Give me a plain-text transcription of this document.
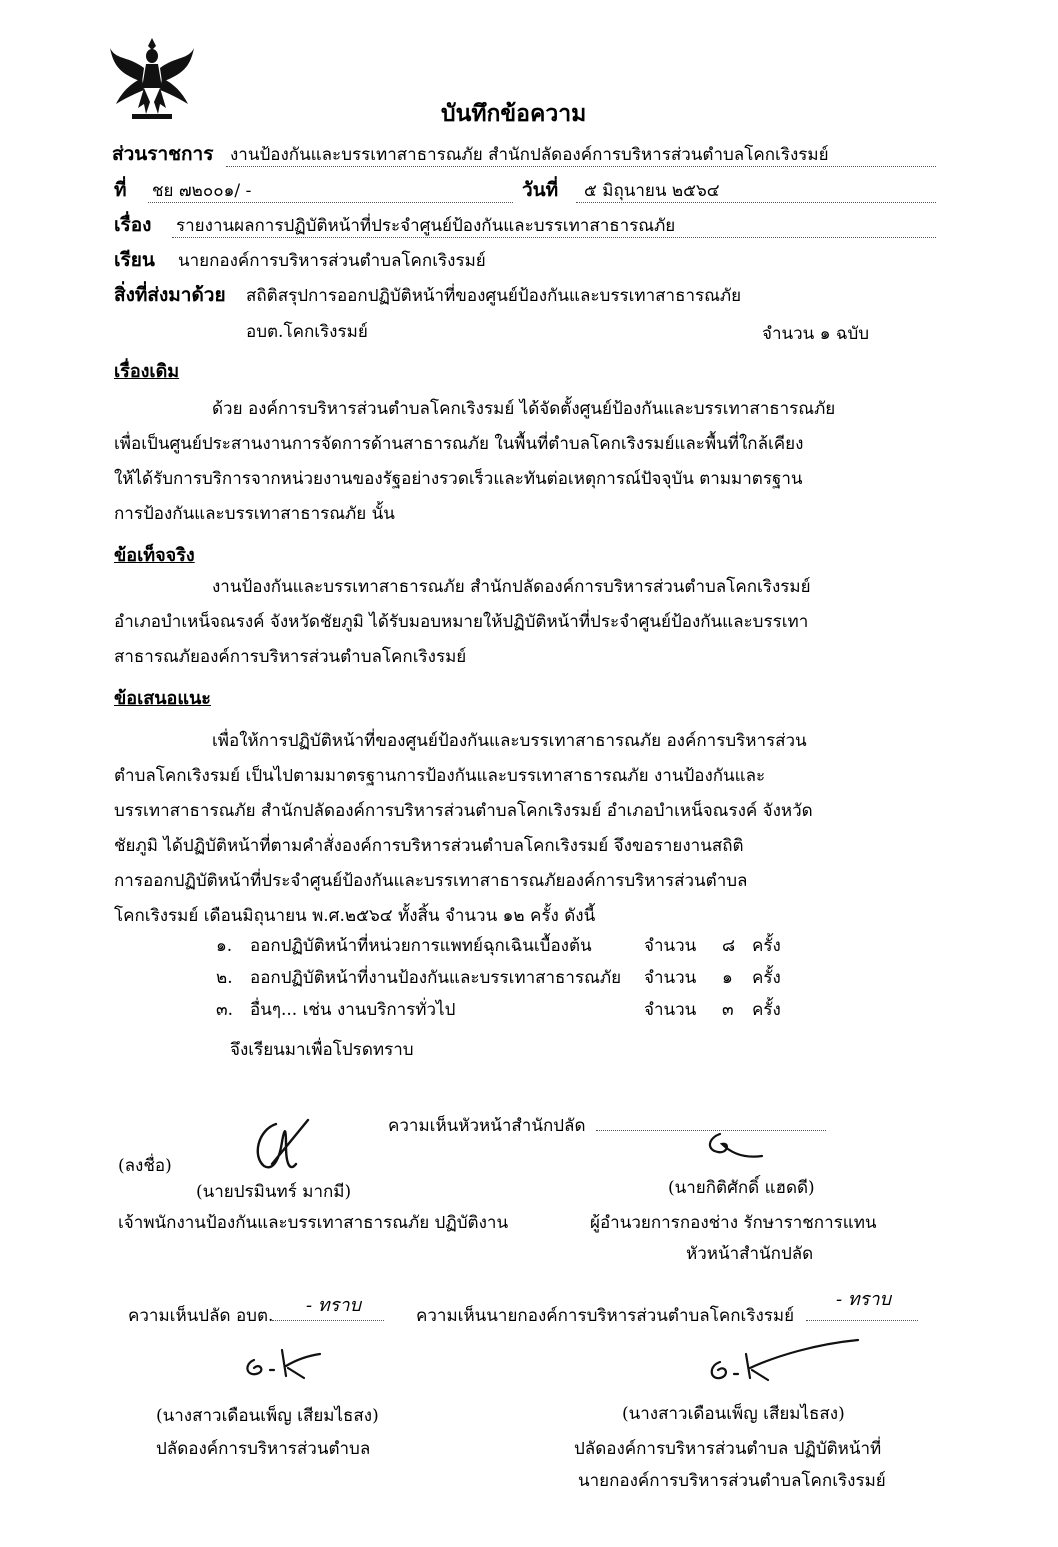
บันทึกข้อความ
ส่วนราชการ งานป้องกันและบรรเทาสาธารณภัย สำนักปลัดองค์การบริหารส่วนตำบลโคกเริงรมย์
ที่ ชย ๗๒๐๐๑/ -	วันที่ ๕ มิถุนายน ๒๕๖๔
เรื่อง รายงานผลการปฏิบัติหน้าที่ประจำศูนย์ป้องกันและบรรเทาสาธารณภัย
เรียน นายกองค์การบริหารส่วนตำบลโคกเริงรมย์
สิ่งที่ส่งมาด้วย สถิติสรุปการออกปฏิบัติหน้าที่ของศูนย์ป้องกันและบรรเทาสาธารณภัย
อบต.โคกเริงรมย์	จำนวน ๑ ฉบับ
เรื่องเดิม
ด้วย องค์การบริหารส่วนตำบลโคกเริงรมย์ ได้จัดตั้งศูนย์ป้องกันและบรรเทาสาธารณภัย
เพื่อเป็นศูนย์ประสานงานการจัดการด้านสาธารณภัย ในพื้นที่ตำบลโคกเริงรมย์และพื้นที่ใกล้เคียง
ให้ได้รับการบริการจากหน่วยงานของรัฐอย่างรวดเร็วและทันต่อเหตุการณ์ปัจจุบัน ตามมาตรฐาน
การป้องกันและบรรเทาสาธารณภัย นั้น
ข้อเท็จจริง
งานป้องกันและบรรเทาสาธารณภัย สำนักปลัดองค์การบริหารส่วนตำบลโคกเริงรมย์
อำเภอบำเหน็จณรงค์ จังหวัดชัยภูมิ ได้รับมอบหมายให้ปฏิบัติหน้าที่ประจำศูนย์ป้องกันและบรรเทา
สาธารณภัยองค์การบริหารส่วนตำบลโคกเริงรมย์
ข้อเสนอแนะ
เพื่อให้การปฏิบัติหน้าที่ของศูนย์ป้องกันและบรรเทาสาธารณภัย องค์การบริหารส่วน
ตำบลโคกเริงรมย์ เป็นไปตามมาตรฐานการป้องกันและบรรเทาสาธารณภัย งานป้องกันและ
บรรเทาสาธารณภัย สำนักปลัดองค์การบริหารส่วนตำบลโคกเริงรมย์ อำเภอบำเหน็จณรงค์ จังหวัด
ชัยภูมิ ได้ปฏิบัติหน้าที่ตามคำสั่งองค์การบริหารส่วนตำบลโคกเริงรมย์ จึงขอรายงานสถิติ
การออกปฏิบัติหน้าที่ประจำศูนย์ป้องกันและบรรเทาสาธารณภัยองค์การบริหารส่วนตำบล
โคกเริงรมย์ เดือนมิถุนายน พ.ศ.๒๕๖๔ ทั้งสิ้น จำนวน ๑๒ ครั้ง ดังนี้
๑. ออกปฏิบัติหน้าที่หน่วยการแพทย์ฉุกเฉินเบื้องต้น	จำนวน ๘ ครั้ง
๒. ออกปฏิบัติหน้าที่งานป้องกันและบรรเทาสาธารณภัย จำนวน ๑ ครั้ง
๓. อื่นๆ... เช่น งานบริการทั่วไป	จำนวน ๓ ครั้ง
จึงเรียนมาเพื่อโปรดทราบ
ความเห็นหัวหน้าสำนักปลัด
(ลงชื่อ)
(นายปรมินทร์ มากมี)	(นายกิติศักดิ์ แฮดดี)
เจ้าพนักงานป้องกันและบรรเทาสาธารณภัย ปฏิบัติงาน	ผู้อำนวยการกองช่าง รักษาราชการแทน
หัวหน้าสำนักปลัด
ความเห็นปลัด อบต. - ทราบ	ความเห็นนายกองค์การบริหารส่วนตำบลโคกเริงรมย์
- ทราบ
(นางสาวเดือนเพ็ญ เสียมไธสง)	(นางสาวเดือนเพ็ญ เสียมไธสง)
ปลัดองค์การบริหารส่วนตำบล	ปลัดองค์การบริหารส่วนตำบล ปฏิบัติหน้าที่
นายกองค์การบริหารส่วนตำบลโคกเริงรมย์
